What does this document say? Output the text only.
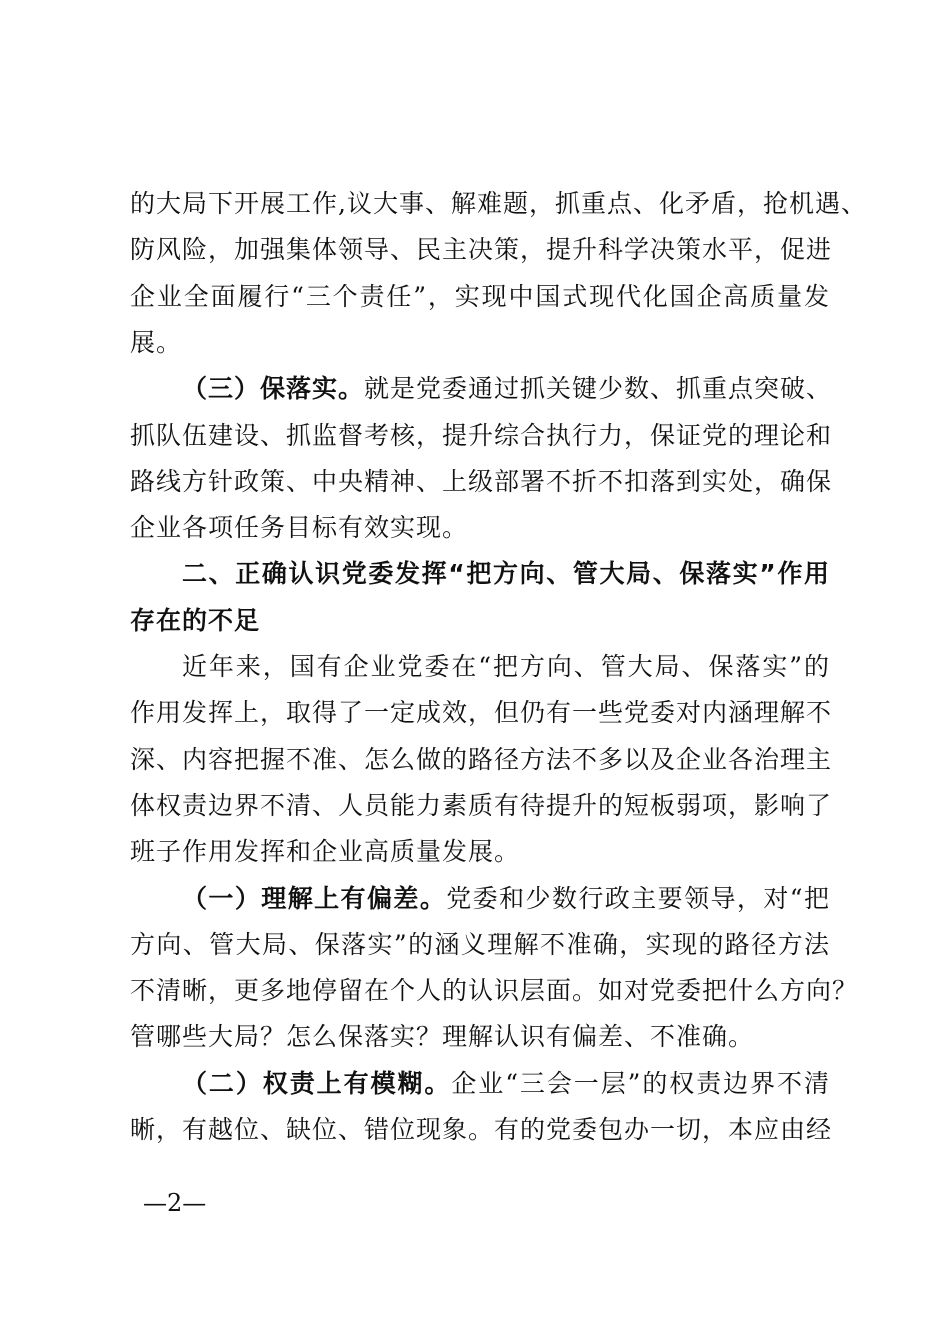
的大局下开展工作,议大事、解难题，抓重点、化矛盾，抢机遇、
防风险，加强集体领导、民主决策，提升科学决策水平，促进
企业全面履行“三个责任”，实现中国式现代化国企高质量发
展。
（三）保落实。就是党委通过抓关键少数、抓重点突破、
抓队伍建设、抓监督考核，提升综合执行力，保证党的理论和
路线方针政策、中央精神、上级部署不折不扣落到实处，确保
企业各项任务目标有效实现。
二、正确认识党委发挥“把方向、管大局、保落实”作用
存在的不足
近年来，国有企业党委在“把方向、管大局、保落实”的
作用发挥上，取得了一定成效，但仍有一些党委对内涵理解不
深、内容把握不准、怎么做的路径方法不多以及企业各治理主
体权责边界不清、人员能力素质有待提升的短板弱项，影响了
班子作用发挥和企业高质量发展。
（一）理解上有偏差。党委和少数行政主要领导，对“把
方向、管大局、保落实”的涵义理解不准确，实现的路径方法
不清晰，更多地停留在个人的认识层面。如对党委把什么方向？
管哪些大局？怎么保落实？理解认识有偏差、不准确。
（二）权责上有模糊。企业“三会一层”的权责边界不清
晰，有越位、缺位、错位现象。有的党委包办一切，本应由经
—2—
